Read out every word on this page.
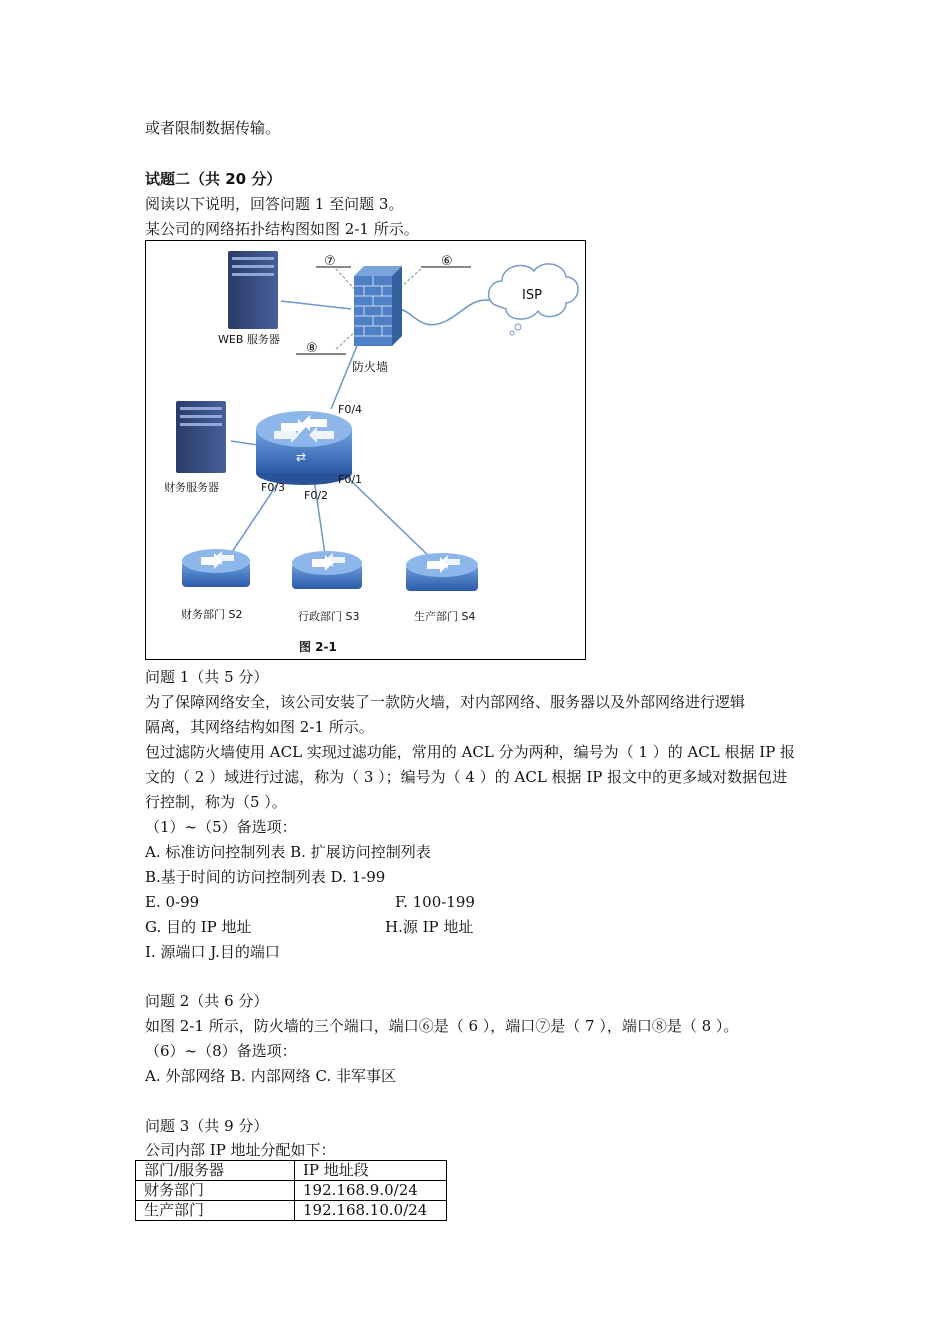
或者限制数据传输。
试题二（共 20 分）
阅读以下说明，回答问题 1 至问题 3。
某公司的网络拓扑结构图如图 2-1 所示。
WEB 服务器
防火墙
⑦	⑥
⑧
ISP
⇄
F0/4
F0/3
F0/2
F0/1
财务服务器
财务部门 S2	行政部门 S3	生产部门 S4
图 2-1
问题 1（共 5 分）
为了保障网络安全，该公司安装了一款防火墙，对内部网络、服务器以及外部网络进行逻辑
隔离，其网络结构如图 2-1 所示。
包过滤防火墙使用 ACL 实现过滤功能，常用的 ACL 分为两种，编号为（ 1 ）的 ACL 根据 IP 报
文的（ 2 ）域进行过滤，称为（ 3 ）；编号为（ 4 ）的 ACL 根据 IP 报文中的更多域对数据包进
行控制，称为（5 ）。
（1）~（5）备选项：
A. 标准访问控制列表 B. 扩展访问控制列表
B.基于时间的访问控制列表 D. 1-99
E. 0-99	F. 100-199
G. 目的 IP 地址	H.源 IP 地址
I. 源端口 J.目的端口
问题 2（共 6 分）
如图 2-1 所示，防火墙的三个端口，端口⑥是（ 6 ），端口⑦是（ 7 ），端口⑧是（ 8 ）。
（6）~（8）备选项：
A. 外部网络 B. 内部网络 C. 非军事区
问题 3（共 9 分）
公司内部 IP 地址分配如下：
部门/服务器	IP 地址段
财务部门	192.168.9.0/24
生产部门	192.168.10.0/24
